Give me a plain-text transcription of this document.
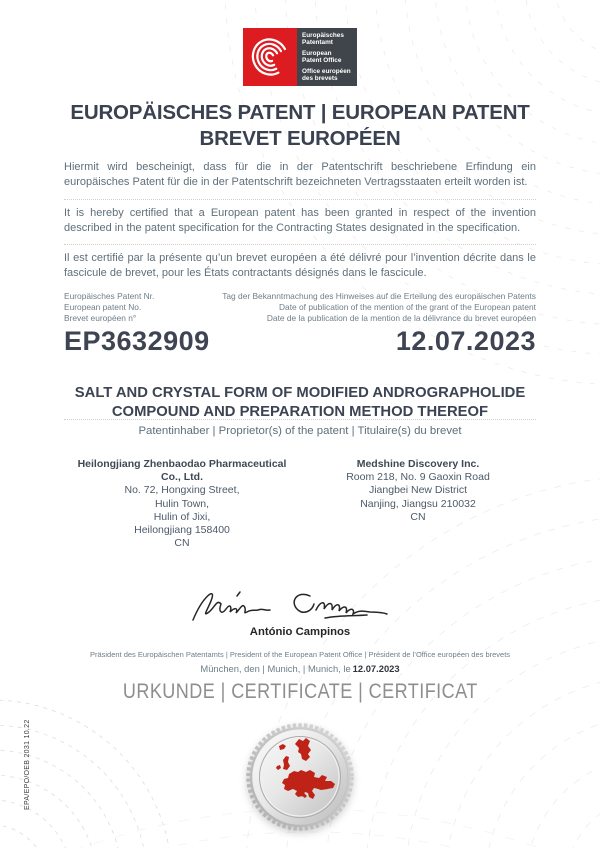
Europäisches Patentamt
European Patent Office
Office européen des brevets
EUROPÄISCHES PATENT | EUROPEAN PATENT
BREVET EUROPÉEN
Hiermit wird bescheinigt, dass für die in der Patentschrift beschriebene Erfindung ein europäisches Patent für die in der Patentschrift bezeichneten Vertragsstaaten erteilt worden ist.
It is hereby certified that a European patent has been granted in respect of the invention described in the patent specification for the Contracting States designated in the specification.
Il est certifié par la présente qu’un brevet européen a été délivré pour l’invention décrite dans le fascicule de brevet, pour les États contractants désignés dans le fascicule.
Europäisches Patent Nr.
European patent No.
Brevet européen n°
Tag der Bekanntmachung des Hinweises auf die Erteilung des europäischen Patents
Date of publication of the mention of the grant of the European patent
Date de la publication de la mention de la délivrance du brevet européen
EP3632909	12.07.2023
SALT AND CRYSTAL FORM OF MODIFIED ANDROGRAPHOLIDE
COMPOUND AND PREPARATION METHOD THEREOF
Patentinhaber | Proprietor(s) of the patent | Titulaire(s) du brevet
Heilongjiang Zhenbaodao Pharmaceutical Co., Ltd.
No. 72, Hongxing Street,
Hulin Town,
Hulin of Jixi,
Heilongjiang 158400
CN
Medshine Discovery Inc.
Room 218, No. 9 Gaoxin Road
Jiangbei New District
Nanjing, Jiangsu 210032
CN
António Campinos
Präsident des Europäischen Patentamts | President of the European Patent Office | Président de l’Office européen des brevets
München, den | Munich, | Munich, le 12.07.2023
URKUNDE | CERTIFICATE | CERTIFICAT
EPA/EPO/OEB 2031 10.22
